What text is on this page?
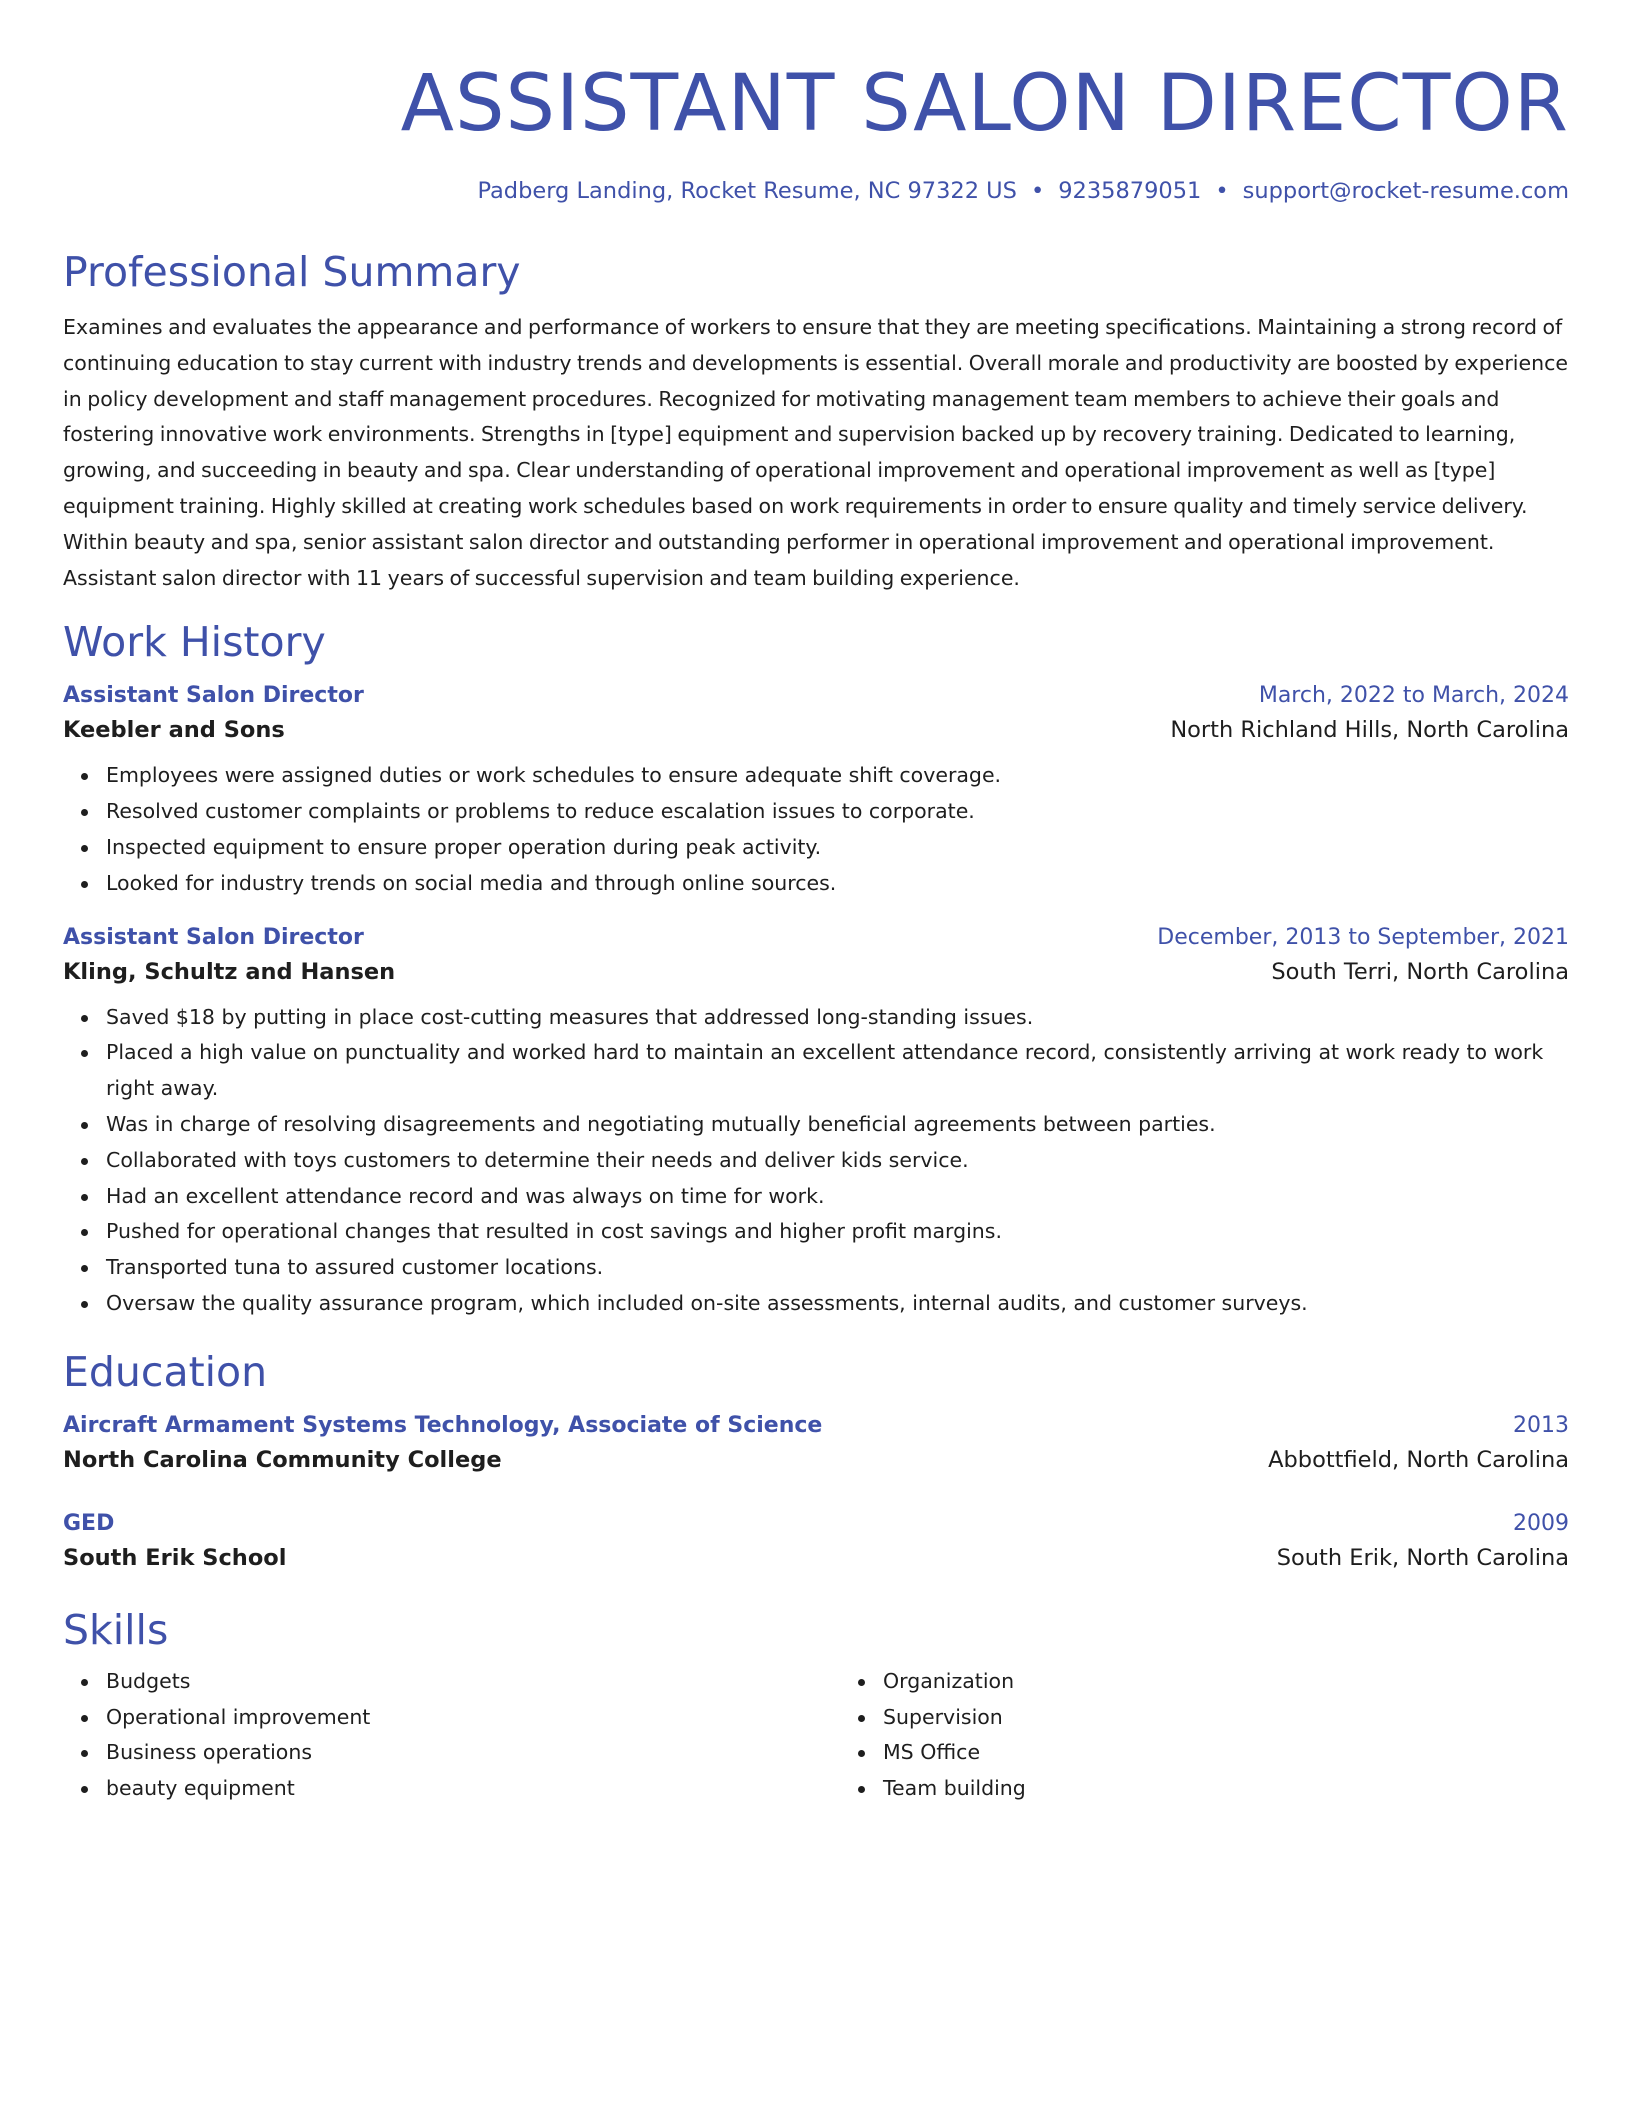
ASSISTANT SALON DIRECTOR
Padberg Landing, Rocket Resume, NC 97322 US • 9235879051 • support@rocket-resume.com
Professional Summary

Examines and evaluates the appearance and performance of workers to ensure that they are meeting specifications. Maintaining a strong record of continuing education to stay current with industry trends and developments is essential. Overall morale and productivity are boosted by experience in policy development and staff management procedures. Recognized for motivating management team members to achieve their goals and fostering innovative work environments. Strengths in [type] equipment and supervision backed up by recovery training. Dedicated to learning, growing, and succeeding in beauty and spa. Clear understanding of operational improvement and operational improvement as well as [type] equipment training. Highly skilled at creating work schedules based on work requirements in order to ensure quality and timely service delivery. Within beauty and spa, senior assistant salon director and outstanding performer in operational improvement and operational improvement. Assistant salon director with 11 years of successful supervision and team building experience.

Work History
Assistant Salon Director	March, 2022 to March, 2024
Keebler and Sons	North Richland Hills, North Carolina
Employees were assigned duties or work schedules to ensure adequate shift coverage.
Resolved customer complaints or problems to reduce escalation issues to corporate.
Inspected equipment to ensure proper operation during peak activity.
Looked for industry trends on social media and through online sources.
Assistant Salon Director	December, 2013 to September, 2021
Kling, Schultz and Hansen	South Terri, North Carolina
Saved $18 by putting in place cost-cutting measures that addressed long-standing issues.
Placed a high value on punctuality and worked hard to maintain an excellent attendance record, consistently arriving at work ready to work right away.
Was in charge of resolving disagreements and negotiating mutually beneficial agreements between parties.
Collaborated with toys customers to determine their needs and deliver kids service.
Had an excellent attendance record and was always on time for work.
Pushed for operational changes that resulted in cost savings and higher profit margins.
Transported tuna to assured customer locations.
Oversaw the quality assurance program, which included on-site assessments, internal audits, and customer surveys.
Education
Aircraft Armament Systems Technology, Associate of Science	2013
North Carolina Community College	Abbottfield, North Carolina
GED	2009
South Erik School	South Erik, North Carolina
Skills
Budgets
Operational improvement
Business operations
beauty equipment
Organization
Supervision
MS Office
Team building
